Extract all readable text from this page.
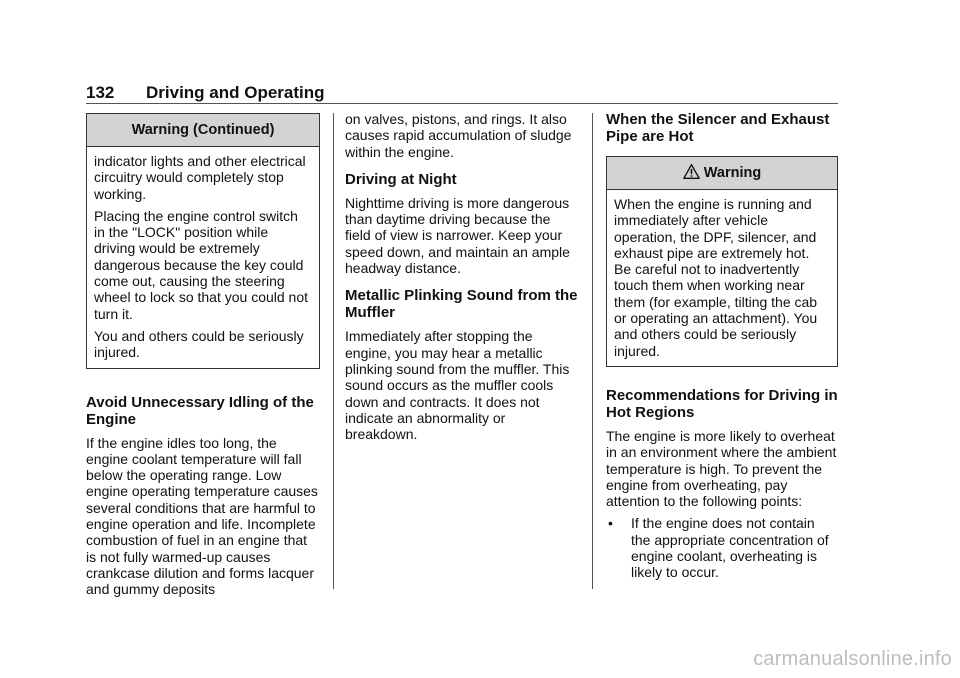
132 Driving and Operating
Warning (Continued)

indicator lights and other electrical circuitry would completely stop working.

Placing the engine control switch in the "LOCK" position while driving would be extremely dangerous because the key could come out, causing the steering wheel to lock so that you could not turn it.

You and others could be seriously injured.

Avoid Unnecessary Idling of the Engine

If the engine idles too long, the engine coolant temperature will fall below the operating range. Low engine operating temperature causes several conditions that are harmful to engine operation and life. Incomplete combustion of fuel in an engine that is not fully warmed-up causes crankcase dilution and forms lacquer and gummy deposits

on valves, pistons, and rings. It also causes rapid accumulation of sludge within the engine.

Driving at Night

Nighttime driving is more dangerous than daytime driving because the field of view is narrower. Keep your speed down, and maintain an ample headway distance.

Metallic Plinking Sound from the Muffler

Immediately after stopping the engine, you may hear a metallic plinking sound from the muffler. This sound occurs as the muffler cools down and contracts. It does not indicate an abnormality or breakdown.

When the Silencer and Exhaust Pipe are Hot
Warning

When the engine is running and immediately after vehicle operation, the DPF, silencer, and exhaust pipe are extremely hot. Be careful not to inadvertently touch them when working near them (for example, tilting the cab or operating an attachment). You and others could be seriously injured.

Recommendations for Driving in Hot Regions

The engine is more likely to overheat in an environment where the ambient temperature is high. To prevent the engine from overheating, pay attention to the following points:

•	If the engine does not contain the appropriate concentration of engine coolant, overheating is likely to occur.
carmanualsonline.info
